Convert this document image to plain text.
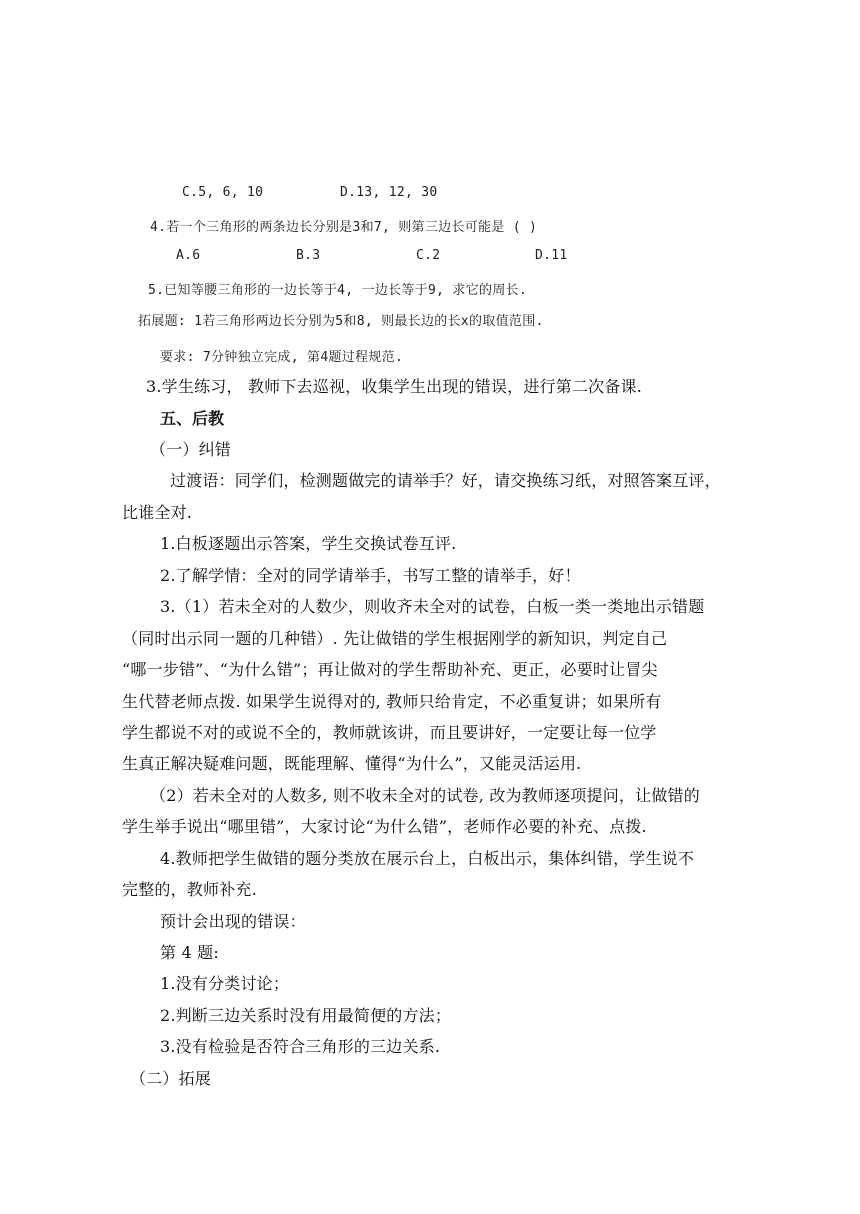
C.5, 6, 10	D.13, 12, 30
4.若一个三角形的两条边长分别是3和7, 则第三边长可能是 ( )
A.6	B.3	C.2	D.11
5.已知等腰三角形的一边长等于4, 一边长等于9, 求它的周长.
拓展题: 1若三角形两边长分别为5和8, 则最长边的长x的取值范围.
要求: 7分钟独立完成, 第4题过程规范.
3.学生练习， 教师下去巡视，收集学生出现的错误，进行第二次备课.
五、后教
（一）纠错
过渡语：同学们，检测题做完的请举手？好，请交换练习纸，对照答案互评，
比谁全对.
1.白板逐题出示答案，学生交换试卷互评.
2.了解学情：全对的同学请举手，书写工整的请举手，好！
3.（1）若未全对的人数少，则收齐未全对的试卷，白板一类一类地出示错题
（同时出示同一题的几种错）. 先让做错的学生根据刚学的新知识，判定自己
“哪一步错”、“为什么错”；再让做对的学生帮助补充、更正，必要时让冒尖
生代替老师点拨. 如果学生说得对的, 教师只给肯定，不必重复讲；如果所有
学生都说不对的或说不全的，教师就该讲，而且要讲好，一定要让每一位学
生真正解决疑难问题，既能理解、懂得“为什么”，又能灵活运用.
（2）若未全对的人数多, 则不收未全对的试卷, 改为教师逐项提问，让做错的
学生举手说出“哪里错”，大家讨论“为什么错”，老师作必要的补充、点拨.
4.教师把学生做错的题分类放在展示台上，白板出示，集体纠错，学生说不
完整的，教师补充.
预计会出现的错误：
第 4 题:
1.没有分类讨论；
2.判断三边关系时没有用最简便的方法；
3.没有检验是否符合三角形的三边关系.
（二）拓展
